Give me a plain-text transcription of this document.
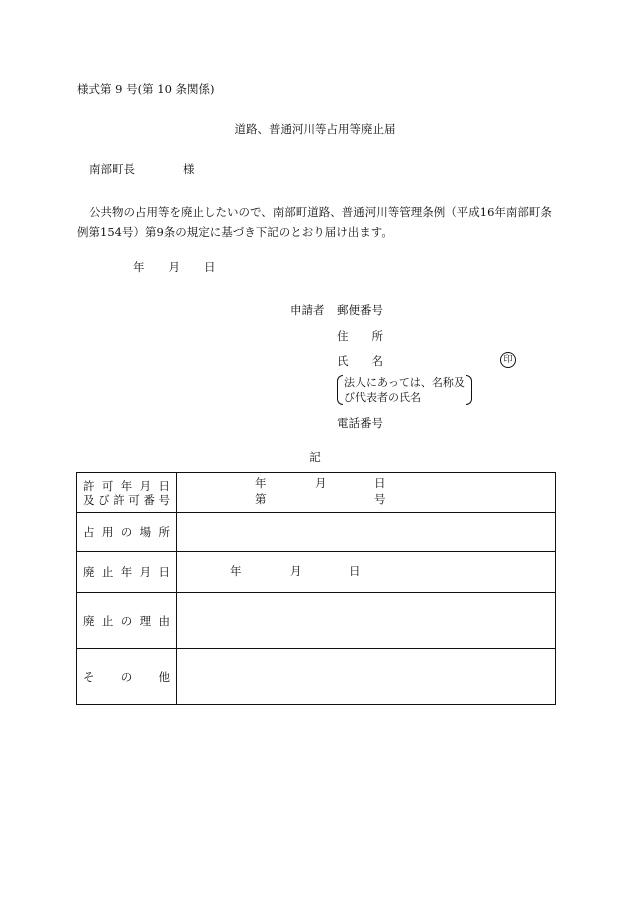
様式第 9 号(第 10 条関係)
道路、普通河川等占用等廃止届
南部町長	様
公共物の占用等を廃止したいので、南部町道路、普通河川等管理条例（平成16年南部町条例第154号）第9条の規定に基づき下記のとおり届け出ます。
年 月 日
申請者 郵便番号
住 所
氏 名	印
法人にあっては、名称及び代表者の氏名
電話番号
記
許可年月日
及び許可番号	年 月 日
第 号

占用の場所	

廃止年月日	年 月 日

廃止の理由	

その他	
